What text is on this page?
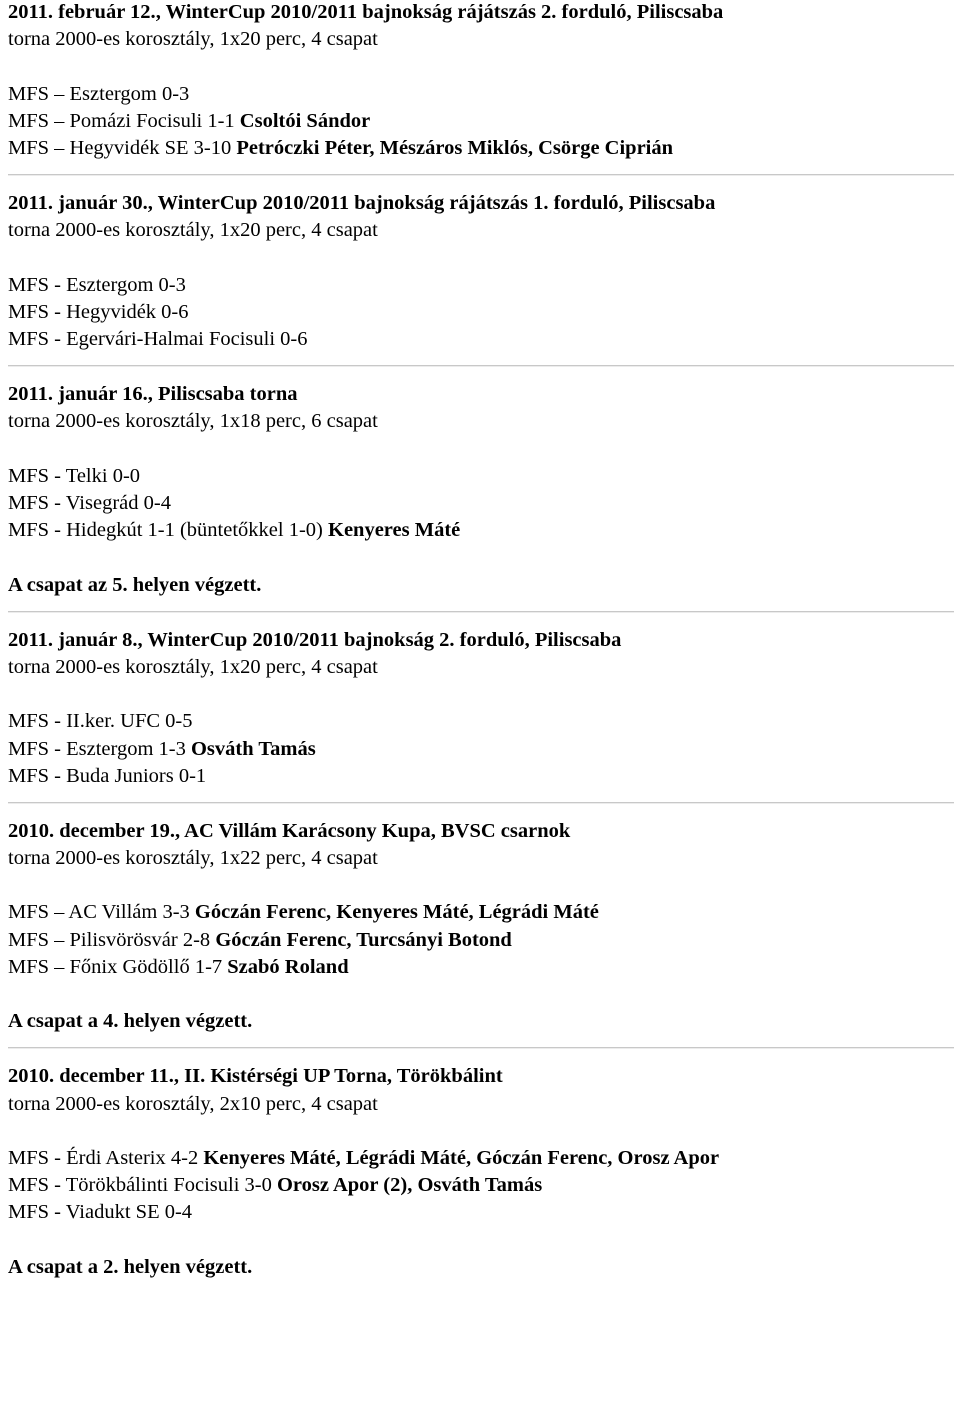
2011. február 12., WinterCup 2010/2011 bajnokság rájátszás 2. forduló, Piliscsaba
torna 2000-es korosztály, 1x20 perc, 4 csapat
MFS – Esztergom 0-3
MFS – Pomázi Focisuli 1-1 Csoltói Sándor
MFS – Hegyvidék SE 3-10 Petróczki Péter, Mészáros Miklós, Csörge Ciprián
2011. január 30., WinterCup 2010/2011 bajnokság rájátszás 1. forduló, Piliscsaba
torna 2000-es korosztály, 1x20 perc, 4 csapat
MFS - Esztergom 0-3
MFS - Hegyvidék 0-6
MFS - Egervári-Halmai Focisuli 0-6
2011. január 16., Piliscsaba torna
torna 2000-es korosztály, 1x18 perc, 6 csapat
MFS - Telki 0-0
MFS - Visegrád 0-4
MFS - Hidegkút 1-1 (büntetőkkel 1-0) Kenyeres Máté
A csapat az 5. helyen végzett.
2011. január 8., WinterCup 2010/2011 bajnokság 2. forduló, Piliscsaba
torna 2000-es korosztály, 1x20 perc, 4 csapat
MFS - II.ker. UFC 0-5
MFS - Esztergom 1-3 Osváth Tamás
MFS - Buda Juniors 0-1
2010. december 19., AC Villám Karácsony Kupa, BVSC csarnok
torna 2000-es korosztály, 1x22 perc, 4 csapat
MFS – AC Villám 3-3 Góczán Ferenc, Kenyeres Máté, Légrádi Máté
MFS – Pilisvörösvár 2-8 Góczán Ferenc, Turcsányi Botond
MFS – Főnix Gödöllő 1-7 Szabó Roland
A csapat a 4. helyen végzett.
2010. december 11., II. Kistérségi UP Torna, Törökbálint
torna 2000-es korosztály, 2x10 perc, 4 csapat
MFS - Érdi Asterix 4-2 Kenyeres Máté, Légrádi Máté, Góczán Ferenc, Orosz Apor
MFS - Törökbálinti Focisuli 3-0 Orosz Apor (2), Osváth Tamás
MFS - Viadukt SE 0-4
A csapat a 2. helyen végzett.
